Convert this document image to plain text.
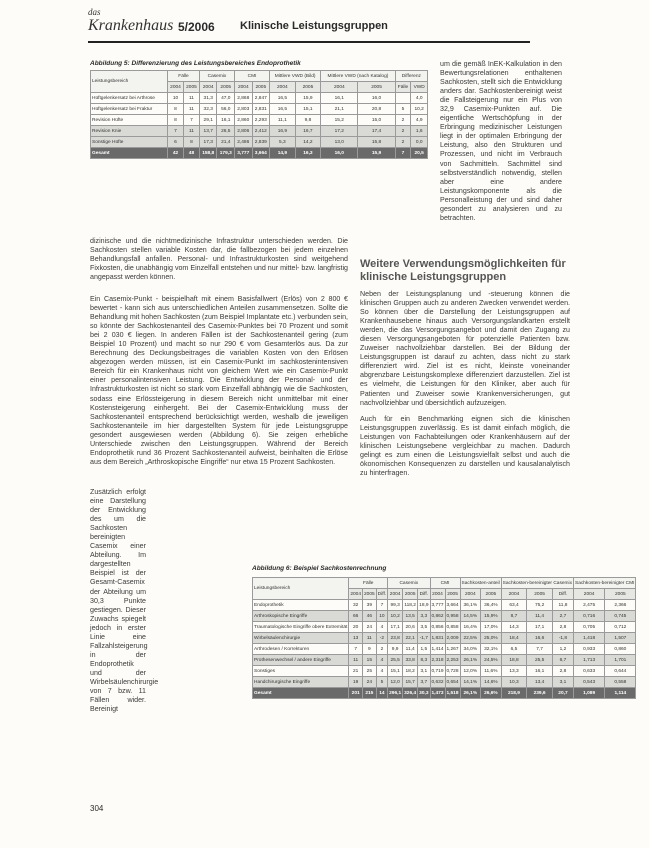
das
Krankenhaus 5/2006 Klinische Leistungsgruppen
Abbildung 5: Differenzierung des Leistungsbereiches Endoprothetik
Leistungsbereich	Fälle		Casemix		CMI		Mittlere VWD (Bild)		Mittlere VWD (nach Katalog)		Differenz	
	2004	2005	2004	2005	2004	2005	2004	2005	2004	2005	Fälle	VWD
Hüftgelenkersatz bei Arthrose	10	11	31,3	47,0	2,868	2,847	16,5	15,9	16,1	16,0		4,0
Hüftgelenkersatz bei Fraktur	8	11	32,3	56,0	2,803	2,831	16,5	15,1	21,1	20,8	5	10,2
Revision Hüfte	8	7	29,1	16,1	2,860	2,293	11,1	9,8	15,2	15,0	2	4,9
Revision Knie	7	11	13,7	26,5	2,806	2,412	16,9	16,7	17,2	17,4	2	1,6
Sonstige Hüfte	6	8	17,3	21,4	2,486	2,839	5,3	14,2	13,0	15,8	2	0,0
Gesamt	42	48	158,8	179,3	3,777	3,664	14,9	16,3	16,0	15,9	7	20,5

um die gemäß InEK-Kalkulation in den Bewertungsrelationen enthaltenen Sachkosten, stellt sich die Entwicklung anders dar. Sachkostenbereinigt weist die Fallsteigerung nur ein Plus von 32,9 Casemix-Punkten auf. Die eigentliche Wertschöpfung in der Erbringung medizinischer Leistungen liegt in der optimalen Erbringung der Leistung, also den Strukturen und Prozessen, und nicht im Verbrauch von Sachmitteln. Sachmittel sind selbstverständlich notwendig, stellen aber eine andere Leistungskomponente als die Personalleistung der und sind daher gesondert zu analysieren und zu betrachten.

dizinische und die nichtmedizinische Infrastruktur unterschieden werden. Die Sachkosten stellen variable Kosten dar, die fallbezogen bei jedem einzelnen Behandlungsfall anfallen. Personal- und Infrastrukturkosten sind weitgehend Fixkosten, die unabhängig vom Einzelfall entstehen und nur mittel- bzw. langfristig angepasst werden können.

Ein Casemix-Punkt - beispielhaft mit einem Basisfallwert (Erlös) von 2 800 € bewertet - kann sich aus unterschiedlichen Anteilen zusammensetzen. Sollte die Behandlung mit hohen Sachkosten (zum Beispiel Implantate etc.) verbunden sein, so könnte der Sachkostenanteil des Casemix-Punktes bei 70 Prozent und somit bei 2 030 € liegen. In anderen Fällen ist der Sachkostenanteil gering (zum Beispiel 10 Prozent) und macht so nur 290 € vom Gesamterlös aus. Da zur Berechnung des Deckungsbeitrages die variablen Kosten von den Erlösen abgezogen werden müssen, ist ein Casemix-Punkt im sachkostenintensiven Bereich für ein Krankenhaus nicht von gleichem Wert wie ein Casemix-Punkt einer personalintensiven Leistung. Die Entwicklung der Personal- und der Infrastrukturkosten ist nicht so stark vom Einzelfall abhängig wie die Sachkosten, sodass eine Erlössteigerung in diesem Bereich nicht unmittelbar mit einer Kostensteigerung einhergeht. Bei der Casemix-Entwicklung muss der Sachkostenanteil entsprechend berücksichtigt werden, weshalb die jeweiligen Sachkostenanteile im hier dargestellten System für jede Leistungsgruppe gesondert ausgewiesen werden (Abbildung 6). Sie zeigen erhebliche Unterschiede zwischen den Leistungsgruppen. Während der Bereich Endoprothetik rund 36 Prozent Sachkostenanteil aufweist, beinhalten die Erlöse aus dem Bereich „Arthroskopische Eingriffe“ nur etwa 15 Prozent Sachkosten.

Zusätzlich erfolgt eine Darstellung der Entwicklung des um die Sachkosten bereinigten Casemix einer Abteilung. Im dargestellten Beispiel ist der Gesamt-Casemix der Abteilung um 30,3 Punkte gestiegen. Dieser Zuwachs spiegelt jedoch in erster Linie eine Fallzahlsteigerung in der Endoprothetik und der Wirbelsäulenchirurgie von 7 bzw. 11 Fällen wider. Bereinigt

Weitere Verwendungsmöglichkeiten für klinische Leistungsgruppen

Neben der Leistungsplanung und -steuerung können die klinischen Gruppen auch zu anderen Zwecken verwendet werden. So können über die Darstellung der Leistungsgruppen auf Krankenhausebene hinaus auch Versorgungslandkarten erstellt werden, die das Versorgungsangebot und damit den Zugang zu diesen Versorgungsangeboten für potenzielle Patienten bzw. Zuweiser nachvollziehbar darstellen. Bei der Bildung der Leistungsgruppen ist darauf zu achten, dass nicht zu stark differenziert wird. Ziel ist es nicht, kleinste voneinander abgrenzbare Leistungskomplexe differenziert darzustellen. Ziel ist es vielmehr, die Leistungen für den Kliniker, aber auch für Patienten und Zuweiser sowie Krankenversicherungen, gut nachvollziehbar und übersichtlich aufzuzeigen.

Auch für ein Benchmarking eignen sich die klinischen Leistungsgruppen zuverlässig. Es ist damit einfach möglich, die Leistungen von Fachabteilungen oder Krankenhäusern auf der klinischen Leistungsebene vergleichbar zu machen. Dadurch gelingt es zum einen die Leistungsvielfalt selbst und auch die ökonomischen Konsequenzen zu darstellen und kausalanalytisch zu hinterfragen.

Abbildung 6: Beispiel Sachkostenrechnung
Leistungsbereich	Fälle			Casemix			CMI		Sachkosten-anteil		Sachkosten-bereinigter Casemix			Sachkosten-bereinigter CMI	
	2004	2005	Diff.	2004	2005	Diff.	2004	2005	2004	2005	2004	2005	Diff.	2004	2005
Endoprothetik	32	39	7	99,3	118,2	18,9	3,777	3,664	36,1%	36,4%	63,4	75,2	11,8	2,475	2,366
Arthroskopische Eingriffe	66	46	10	10,2	13,5	3,3	0,862	0,958	14,5%	15,9%	8,7	11,4	2,7	0,716	0,745
Traumatologische Eingriffe obere Extremität	20	24	4	17,1	20,6	3,5	0,856	0,858	16,4%	17,0%	14,3	17,1	2,8	0,705	0,712
Wirbelsäulenchirurgie	13	11	-2	23,8	22,1	-1,7	1,831	2,009	22,5%	25,0%	18,4	16,6	-1,8	1,418	1,507
Arthrodesen / Korrekturen	7	9	2	9,9	11,4	1,5	1,414	1,267	34,0%	32,1%	6,5	7,7	1,2	0,933	0,860
Prothesenwechsel / andere Eingriffe	11	15	4	25,5	33,8	8,3	2,318	2,253	26,1%	24,5%	18,8	25,5	6,7	1,713	1,701
Sonstiges	21	25	4	15,1	18,2	3,1	0,719	0,728	12,0%	11,6%	13,3	16,1	2,8	0,633	0,644
Handchirurgische Eingriffe	19	24	5	12,0	15,7	3,7	0,632	0,654	14,1%	14,6%	10,3	13,4	3,1	0,543	0,558
Gesamt	201	215	14	296,1	326,4	30,3	1,473	1,518	26,1%	26,6%	218,9	239,6	20,7	1,089	1,114
304
